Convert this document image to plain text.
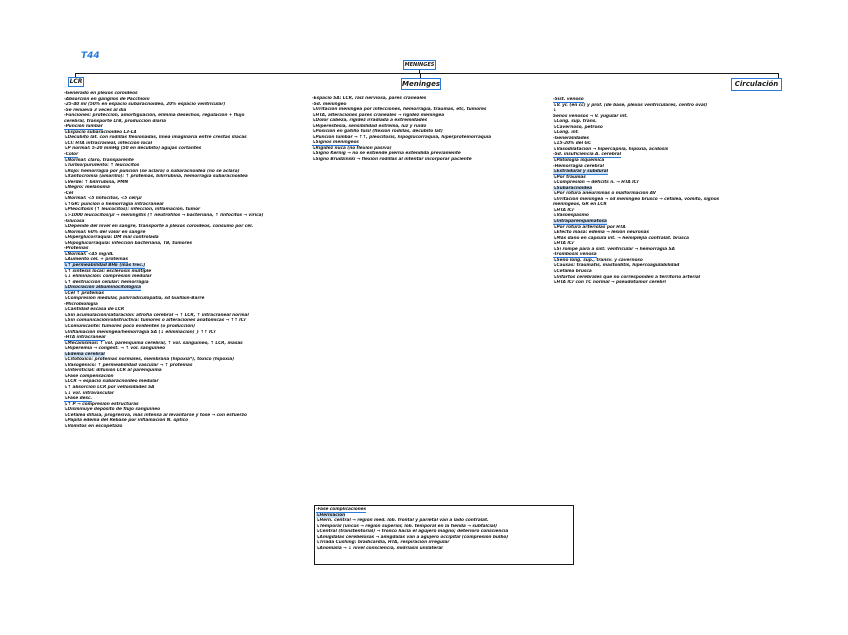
T44
MENINGES
LCR	Meninges	Circulación
-Generado en plexos coroideos
-Absorción en ganglios de Pacchioni
-25-40 ml (50% en espacio subaracnoideo, 20% espacio ventricular)
-Se renueva 3 veces al día
-Funciones: protección, amortiguación, elimina desechos, regulación + flujo
cerebral, transporte LTB, producción diaria
-Punción lumbar
↳Espacio subaracnoideo L3-L4
↳Decúbito lat. con rodillas flexionadas, línea imaginaria entre crestas ilíacas
↳CI: HTA intracraneal, infección local
↳P normal: 5-20 mmHg (50 en decúbito) agujas cortantes
-Color
↳Normal: claro, transparente
↳Turbio/purulento: ↑ leucocitos
↳Rojo: hemorragia por punción (se aclara) o subaracnoidea (no se aclara)
↳Xantocromía (amarillo): ↑ proteínas, bilirrubina, hemorragia subaracnoidea
↳Verde: ↑ bilirrubina, PMN
↳Negro: melanoma
-Cél
↳Normal: <5 linfocitos, <5 cél/µl
↳↑GR: punción o hemorragia intracraneal
↳Pleocitosis (↑ leucocitos): infección, inflamación, tumor
↳>1000 leucocitos/µl → meningitis (↑ neutrófilos → bacteriana, ↑ linfocitos → vírica)
-Glucosa
↳Depende del nivel en sangre, transporte a plexos coroideos, consumo por cél.
↳Normal: 60% del valor en sangre
↳Hiperglucorraquia: DM mal controlada
↳Hipoglucorraquia: infección bacteriana, TB, tumores
-Proteínas
↳Normal: <45 mg/dL
↳Aumento cél. + proteínas
↳↑ permeabilidad BHE (más frec.)
↳↑ síntesis local: esclerosis múltiple
↳↓ eliminación: compresión medular
↳↑ destrucción celular: hemorragia
↳Disociación albuminocitológica
↳Cél ↑ proteínas
↳Compresión medular, polirradiculopatía, sd Guillain-Barré
-Microbiología
↳Cantidad escasa de LCR
↳Sin acumulación/saturación: atrofia cerebral → ↑ LCR, ↑ intracraneal normal
↳Sin comunicación/obstructiva: tumores o alteraciones anatómicas → ↑↑ ICr
↳Comunicante: tumores poco evidentes (o producción)
↳Inflamación meníngea/hemorragia SA (↓ eliminación) } ↑↑ ICr
-HTA intracraneal
↳Mecanismos: ↑ vol. parénquima cerebral, ↑ vol. sanguíneo, ↑ LCR, masas
↳Hiperemia → congest. → ↑ vol. sanguíneo
↳Edema cerebral
↳Citotóxico: proteínas normales, membrana (hipoxia*), tóxico (hipoxia)
↳Vasogénico: ↑ permeabilidad vascular → ↑ proteínas
↳Intersticial: difusión LCR al parénquima
↳Fase compensación
↳LCR → espacio subaracnoideo medular
↳↑ absorción LCR por vellosidades SA
↳↓ vol. intravascular
↳Fase desc.
↳↑ P → compresión estructuras
↳Disminuye depósito de flujo sanguíneo
↳Cefalea difusa, progresiva, más intensa al levantarse y tose → con esfuerzo
↳Papila edema del Rebase por inflamación N. óptico
↳Vómitos en escopetazo
-Espacio SA: LCR, raíz nerviosa, pares craneales
-Sd. meníngeo
↳Irritación meníngea por infecciones, hemorragia, traumas, etc, tumores
↳HTA, alteraciones pares craneales → rigidez meníngea
↳Dolor cabeza, rigidez irradiada a extremidades
↳Hiperestesia, sensibilidad extrema, luz y ruido
↳Posición en gatillo fusil (flexión rodillas, decúbito lat)
↳Punción lumbar → ↑↑, pleocitosis, hipoglucorraquia, hiperproteinorraquia
↳Signos meníngeos
↳Rigidez nuca (no flexión pasiva)
↳Signo Kernig → no se extiende pierna extendida previamente
↳Signo Brudzinski → flexión rodillas al intentar incorporar paciente
-Sist. venoso
↳V. yr. (en cc) y prof. (de base, plexos ventriculares, centro oval)
↓
Senos venosos → V. yugular int.
↳Long. sup. trans.
↳Cavernoso, petroso
↳Long. inf.
-Generalidades
↳15-20% del GC
↳Vasodilatación → hipercapnia, hipoxia, acidosis
-Sd. insuficiencia A. cerebral
↳Patología isquémica
-Hemorragia cerebral
↳Extradural y subdural
↳Por traumas
↳Compresión → déficits n. → HTA ICr
↳Subaracnoidea
↳Por rotura aneurismas o malformación AV
↳Irritación meníngea → sd meníngeo brusco → cefalea, vómito, signos
meníngeos, GR en LCR
↳HTA ICr
↳Vasoespasmo
↳Intraparenquimatosa
↳Por rotura arteriolas por HTA
↳Efecto masa: edema → lesión neuronas
↳Más daño en cápsula int. → hemiplejía contralat. brusca
↳HTA ICr
↳Si rompe para a sist. ventricular → hemorragia SA
-Trombosis venosa
↳Seno long. sup., transv. y cavernoso
↳Causas: traumatis, mastoiditis, hipercoagulabilidad
↳Cefalea brusca
↳Infartos cerebrales que no corresponden a territorio arterial
↳HTA ICr con TC normal → pseudotumor cerebri
-Fase complicaciones
↳Herniación
↳Hern. central → región med. lób. frontal y parietal van a lado contralat.
↳Temporal (uncus → región superior, lób. temporal en la tienda → subfalcial)
↳Central (transtentorial) → tronco hacia el agujero magno; deterioro consciencia
↳Amígdalas cerebelosas → amígdalas van a agujero occipital (compresión bulbo)
↳Tríada Cushing: bradicardia, HTA, respiración irregular
↳Anomalía → ↓ nivel consciencia, midriasis unilateral
